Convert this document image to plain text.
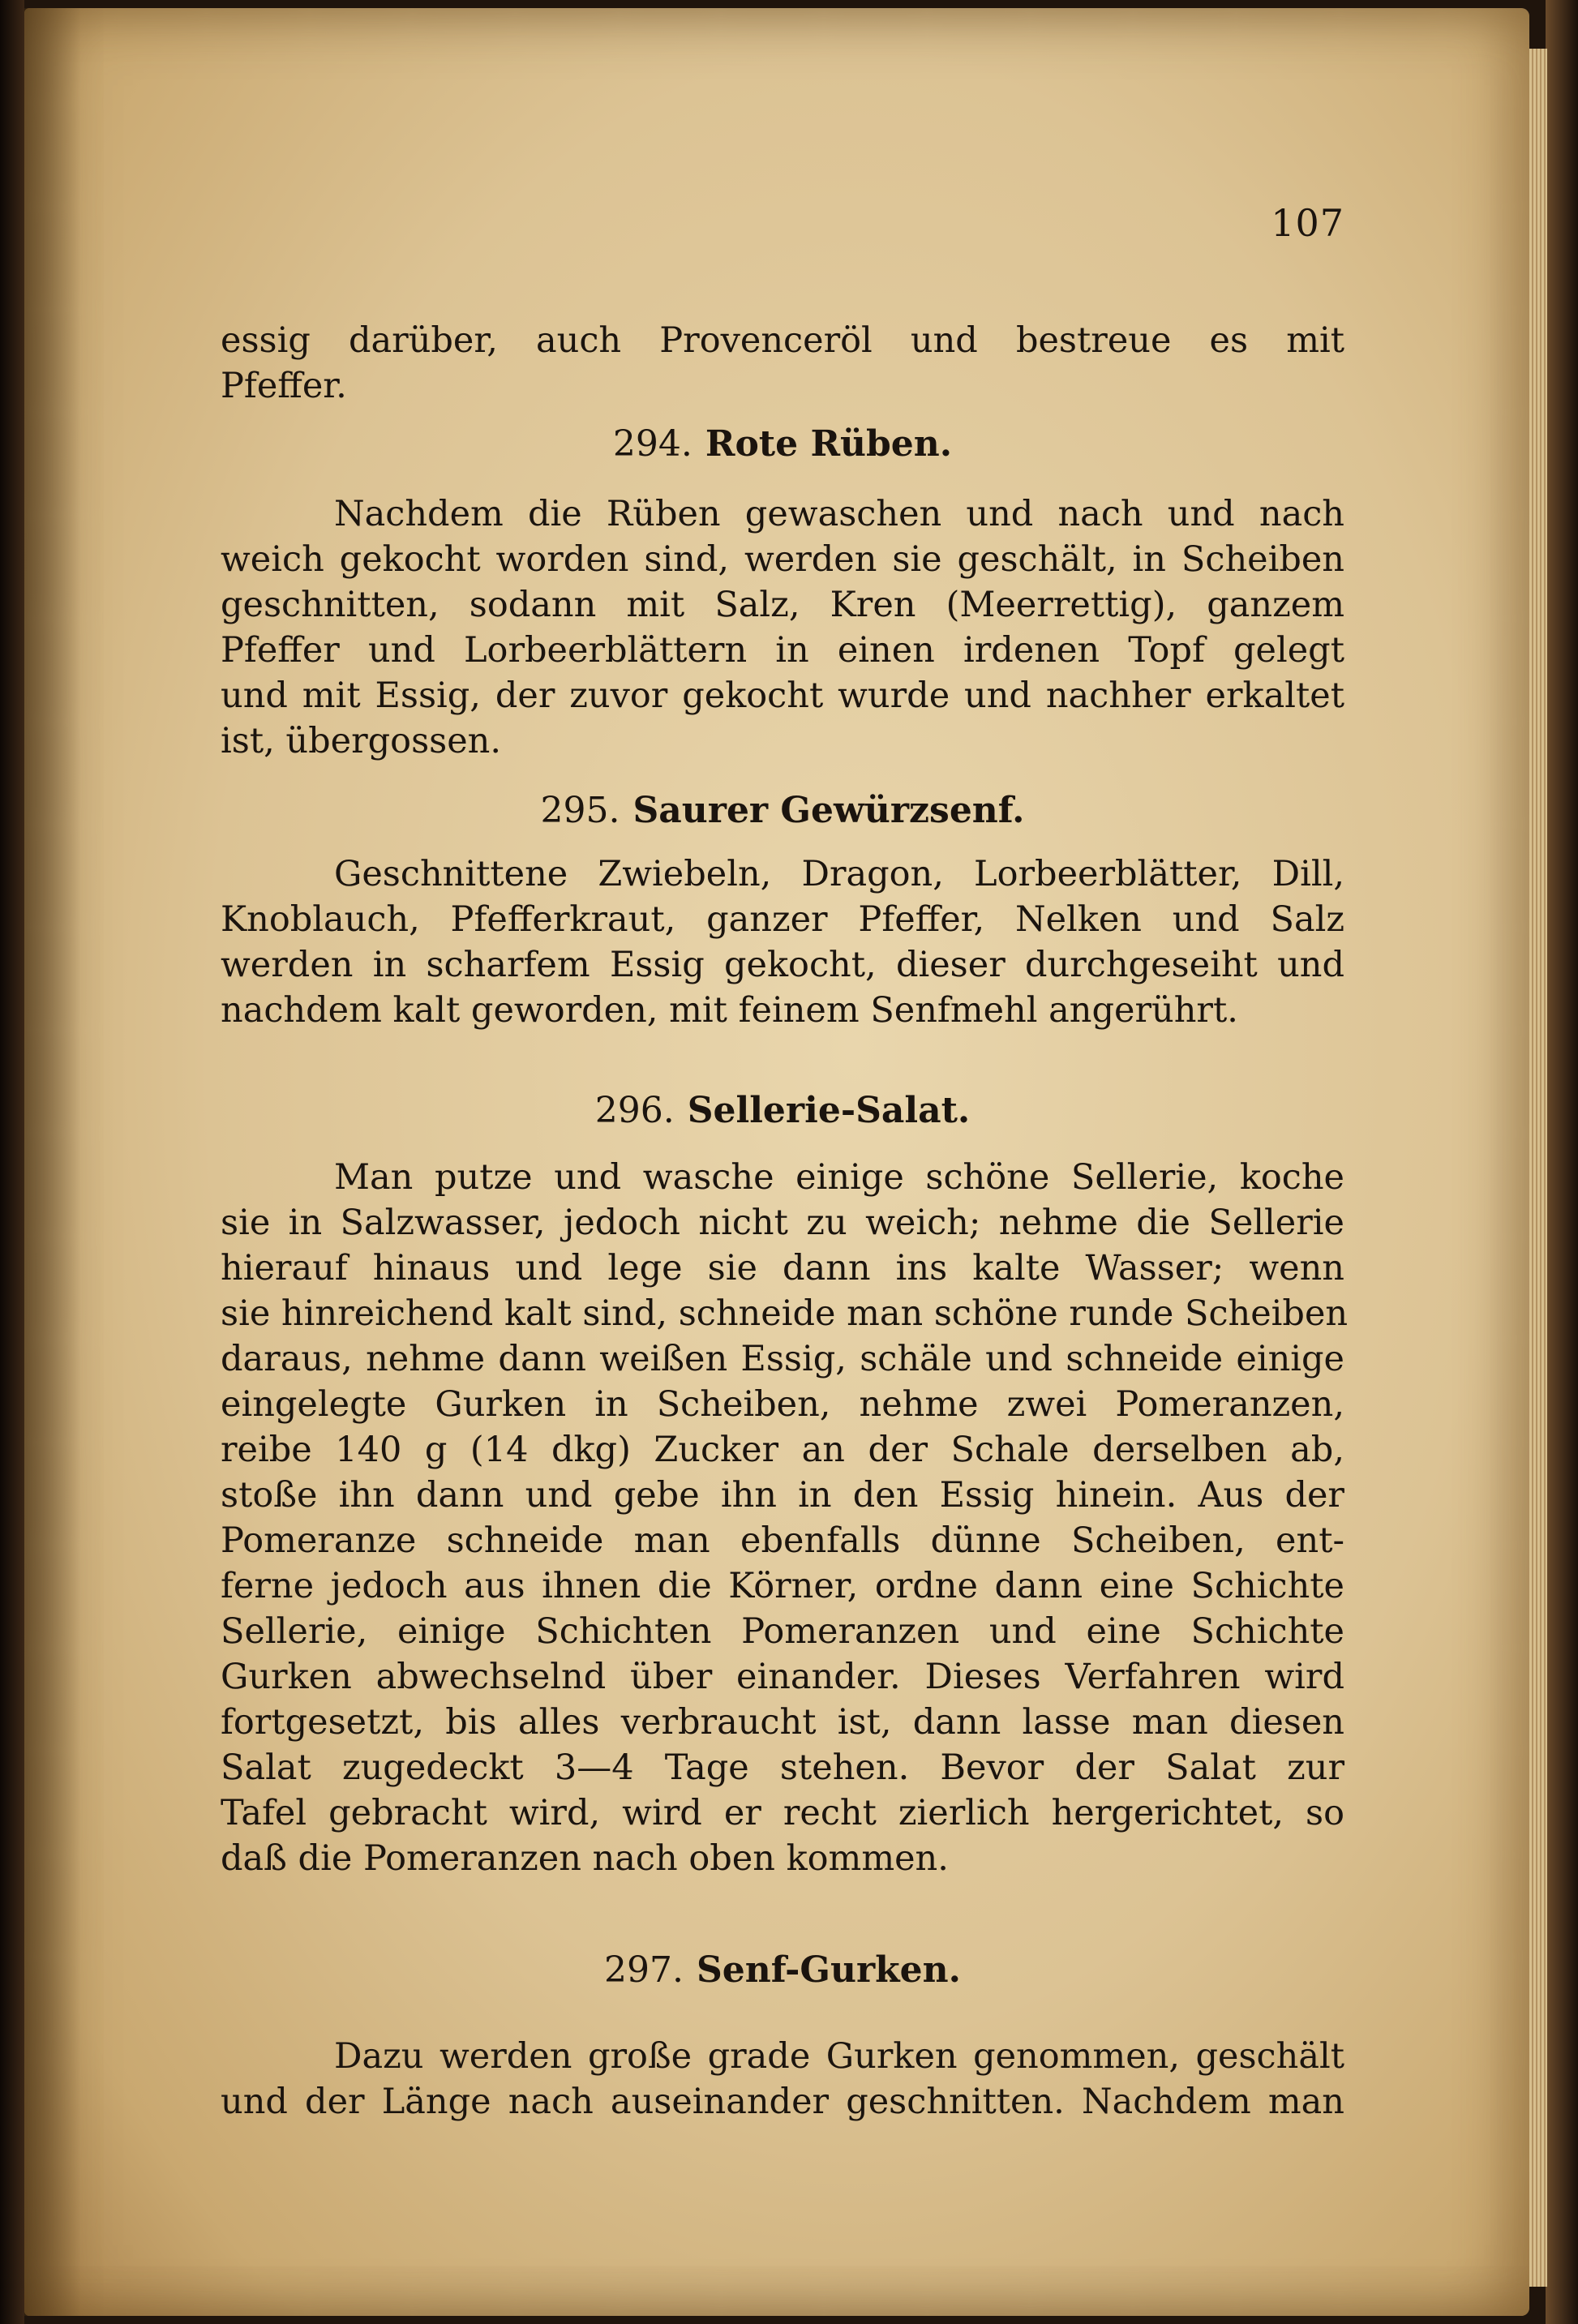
107
essig darüber, auch Provenceröl und bestreue es mit
Pfeffer.
294. Rote Rüben.
Nachdem die Rüben gewaschen und nach und nach
weich gekocht worden sind, werden sie geschält, in Scheiben
geschnitten, sodann mit Salz, Kren (Meerrettig), ganzem
Pfeffer und Lorbeerblättern in einen irdenen Topf gelegt
und mit Essig, der zuvor gekocht wurde und nachher erkaltet
ist, übergossen.
295. Saurer Gewürzsenf.
Geschnittene Zwiebeln, Dragon, Lorbeerblätter, Dill,
Knoblauch, Pfefferkraut, ganzer Pfeffer, Nelken und Salz
werden in scharfem Essig gekocht, dieser durchgeseiht und
nachdem kalt geworden, mit feinem Senfmehl angerührt.
296. Sellerie-Salat.
Man putze und wasche einige schöne Sellerie, koche
sie in Salzwasser, jedoch nicht zu weich; nehme die Sellerie
hierauf hinaus und lege sie dann ins kalte Wasser; wenn
sie hinreichend kalt sind, schneide man schöne runde Scheiben
daraus, nehme dann weißen Essig, schäle und schneide einige
eingelegte Gurken in Scheiben, nehme zwei Pomeranzen,
reibe 140 g (14 dkg) Zucker an der Schale derselben ab,
stoße ihn dann und gebe ihn in den Essig hinein. Aus der
Pomeranze schneide man ebenfalls dünne Scheiben, ent-
ferne jedoch aus ihnen die Körner, ordne dann eine Schichte
Sellerie, einige Schichten Pomeranzen und eine Schichte
Gurken abwechselnd über einander. Dieses Verfahren wird
fortgesetzt, bis alles verbraucht ist, dann lasse man diesen
Salat zugedeckt 3—4 Tage stehen. Bevor der Salat zur
Tafel gebracht wird, wird er recht zierlich hergerichtet, so
daß die Pomeranzen nach oben kommen.
297. Senf-Gurken.
Dazu werden große grade Gurken genommen, geschält
und der Länge nach auseinander geschnitten. Nachdem man
